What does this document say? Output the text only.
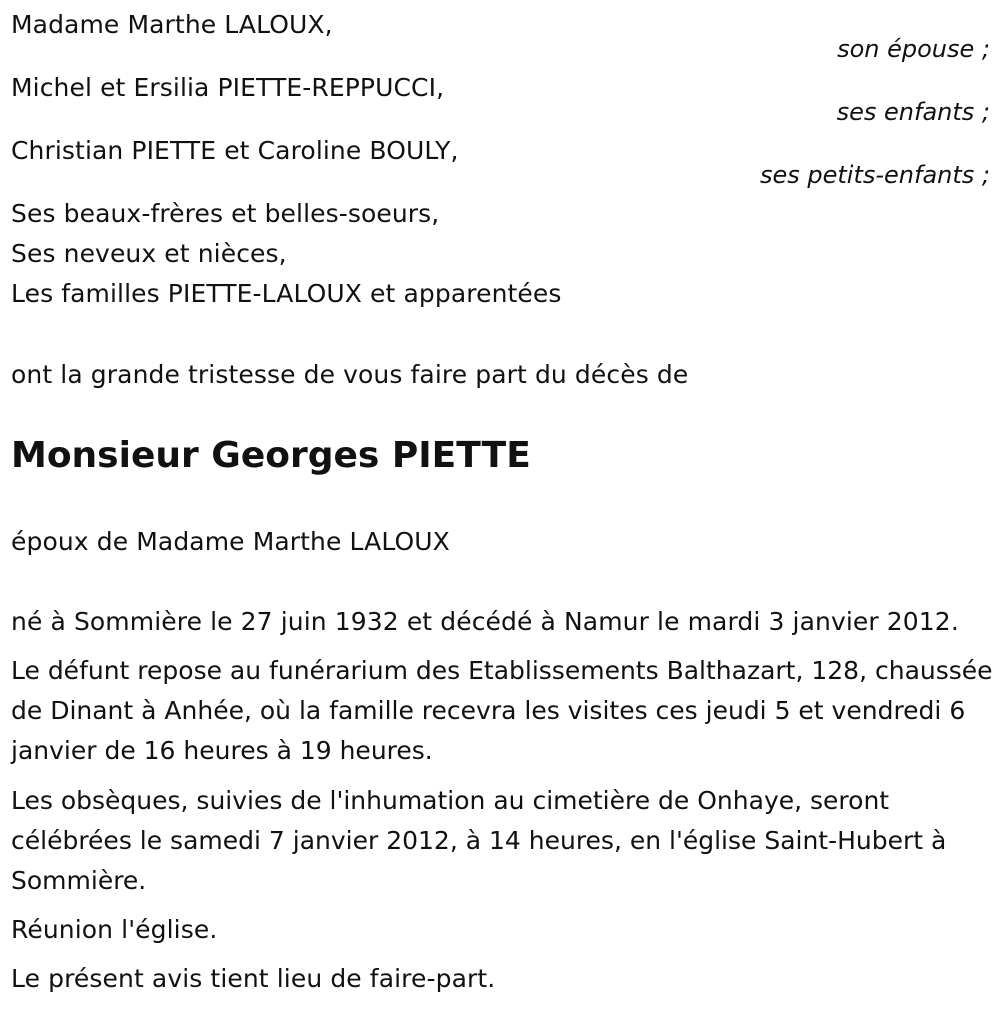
Madame Marthe LALOUX,
son épouse ;
Michel et Ersilia PIETTE-REPPUCCI,
ses enfants ;
Christian PIETTE et Caroline BOULY,
ses petits-enfants ;
Ses beaux-frères et belles-soeurs,
Ses neveux et nièces,
Les familles PIETTE-LALOUX et apparentées
ont la grande tristesse de vous faire part du décès de
Monsieur Georges PIETTE
époux de Madame Marthe LALOUX
né à Sommière le 27 juin 1932 et décédé à Namur le mardi 3 janvier 2012.

Le défunt repose au funérarium des Etablissements Balthazart, 128, chaussée de Dinant à Anhée, où la famille recevra les visites ces jeudi 5 et vendredi 6 janvier de 16 heures à 19 heures.

Les obsèques, suivies de l'inhumation au cimetière de Onhaye, seront célébrées le samedi 7 janvier 2012, à 14 heures, en l'église Saint-Hubert à Sommière.

Réunion l'église.
Le présent avis tient lieu de faire-part.
